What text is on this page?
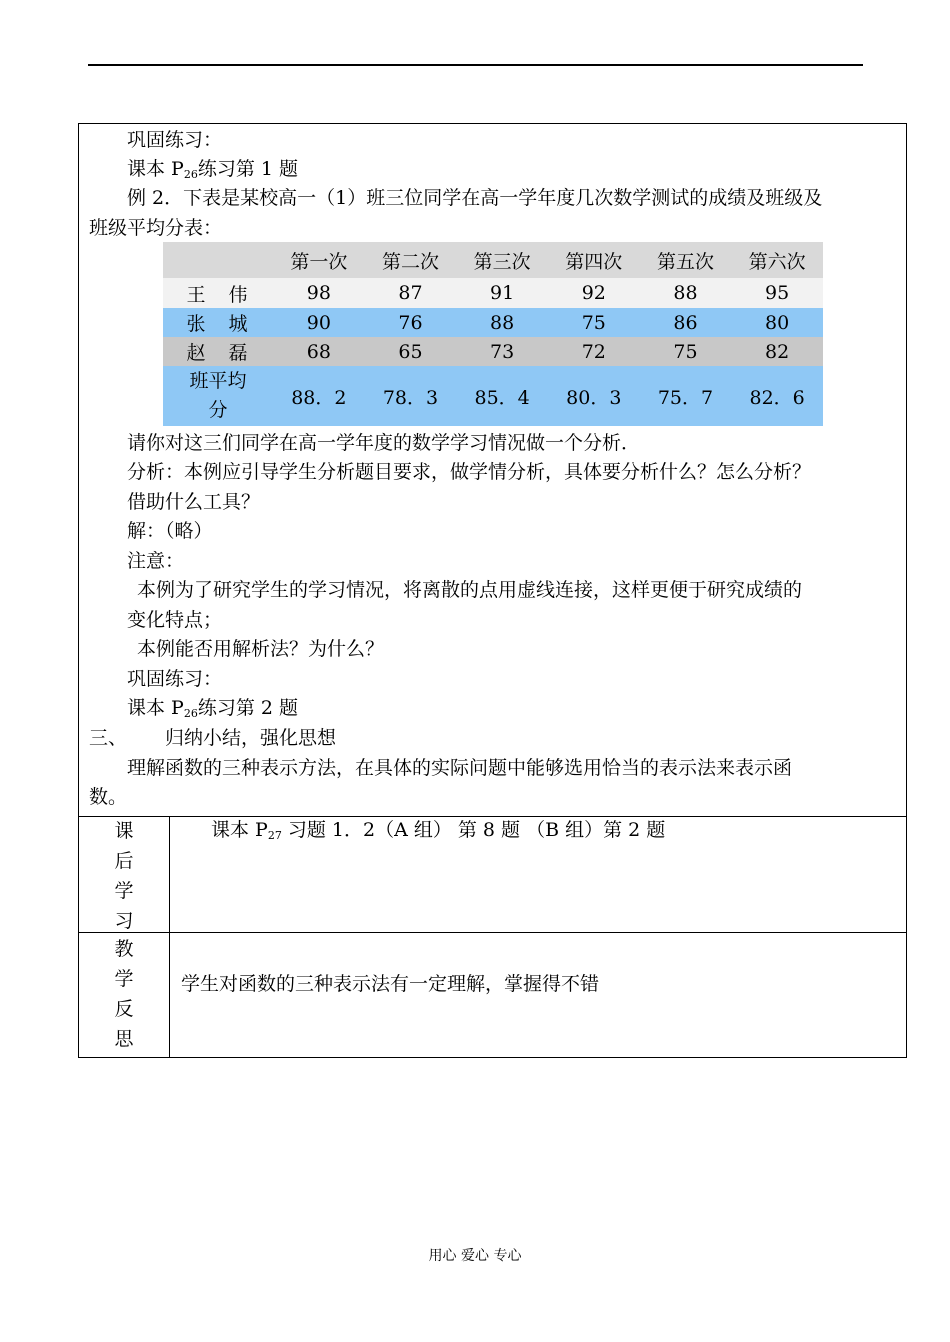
巩固练习：
课本 $P_{26}$练习第 1 题
例 2．下表是某校高一（1）班三位同学在高一学年度几次数学测试的成绩及班级及
班级平均分表：
	第一次	第二次	第三次	第四次	第五次	第六次
王　伟	98	87	91	92	88	95
张　城	90	76	88	75	86	80
赵　磊	68	65	73	72	75	82
班平均
分	88．2	78．3	85．4	80．3	75．7	82．6
请你对这三们同学在高一学年度的数学学习情况做一个分析．
分析：本例应引导学生分析题目要求，做学情分析，具体要分析什么？怎么分析？
借助什么工具？
解：（略）
注意：
本例为了研究学生的学习情况，将离散的点用虚线连接，这样更便于研究成绩的
变化特点；
本例能否用解析法？为什么？
巩固练习：
课本 $P_{26}$练习第 2 题
三、 归纳小结，强化思想
理解函数的三种表示方法，在具体的实际问题中能够选用恰当的表示法来表示函
数。
课
后
学
习
课本 $P_{27}$ 习题 1．2（A 组） 第 8 题 （B 组）第 2 题
教
学
反
思
学生对函数的三种表示法有一定理解，掌握得不错
用心 爱心 专心
